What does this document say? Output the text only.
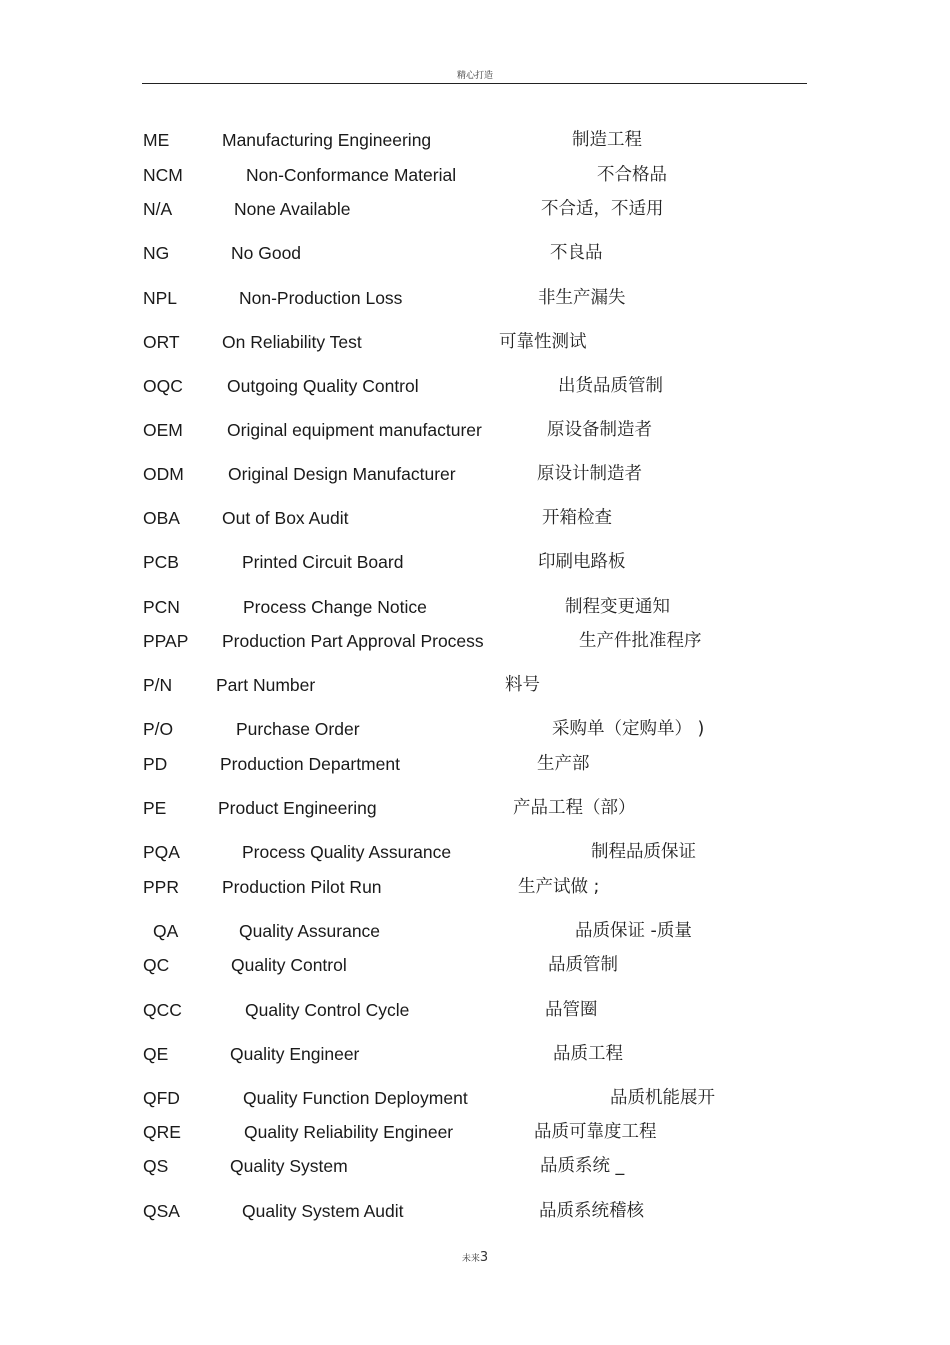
精心打造
ME	Manufacturing Engineering	制造工程
NCM	Non-Conformance Material	不合格品
N/A	None Available	不合适，不适用
NG	No Good	不良品
NPL	Non-Production Loss	非生产漏失
ORT On Reliability Test	可靠性测试
OQC	Outgoing Quality Control	出货品质管制
OEM	Original equipment manufacturer	原设备制造者
ODM	Original Design Manufacturer	原设计制造者
OBA Out of Box Audit	开箱检查
PCB	Printed Circuit Board	印刷电路板
PCN	Process Change Notice	制程变更通知
PPAP Production Part Approval Process	生产件批准程序
P/N	Part Number	料号
P/O	Purchase Order	采购单（定购单） )
PD	Production Department	生产部
PE	Product Engineering	产品工程（部）
PQA	Process Quality Assurance	制程品质保证
PPR Production Pilot Run	生产试做 ;
QA	Quality Assurance	品质保证 -质量
QC	Quality Control	品质管制
QCC	Quality Control Cycle	品管圈
QE	Quality Engineer	品质工程
QFD	Quality Function Deployment	品质机能展开
QRE	Quality Reliability Engineer	品质可靠度工程
QS	Quality System	品质系统 _
QSA	Quality System Audit	品质系统稽核
未来3
